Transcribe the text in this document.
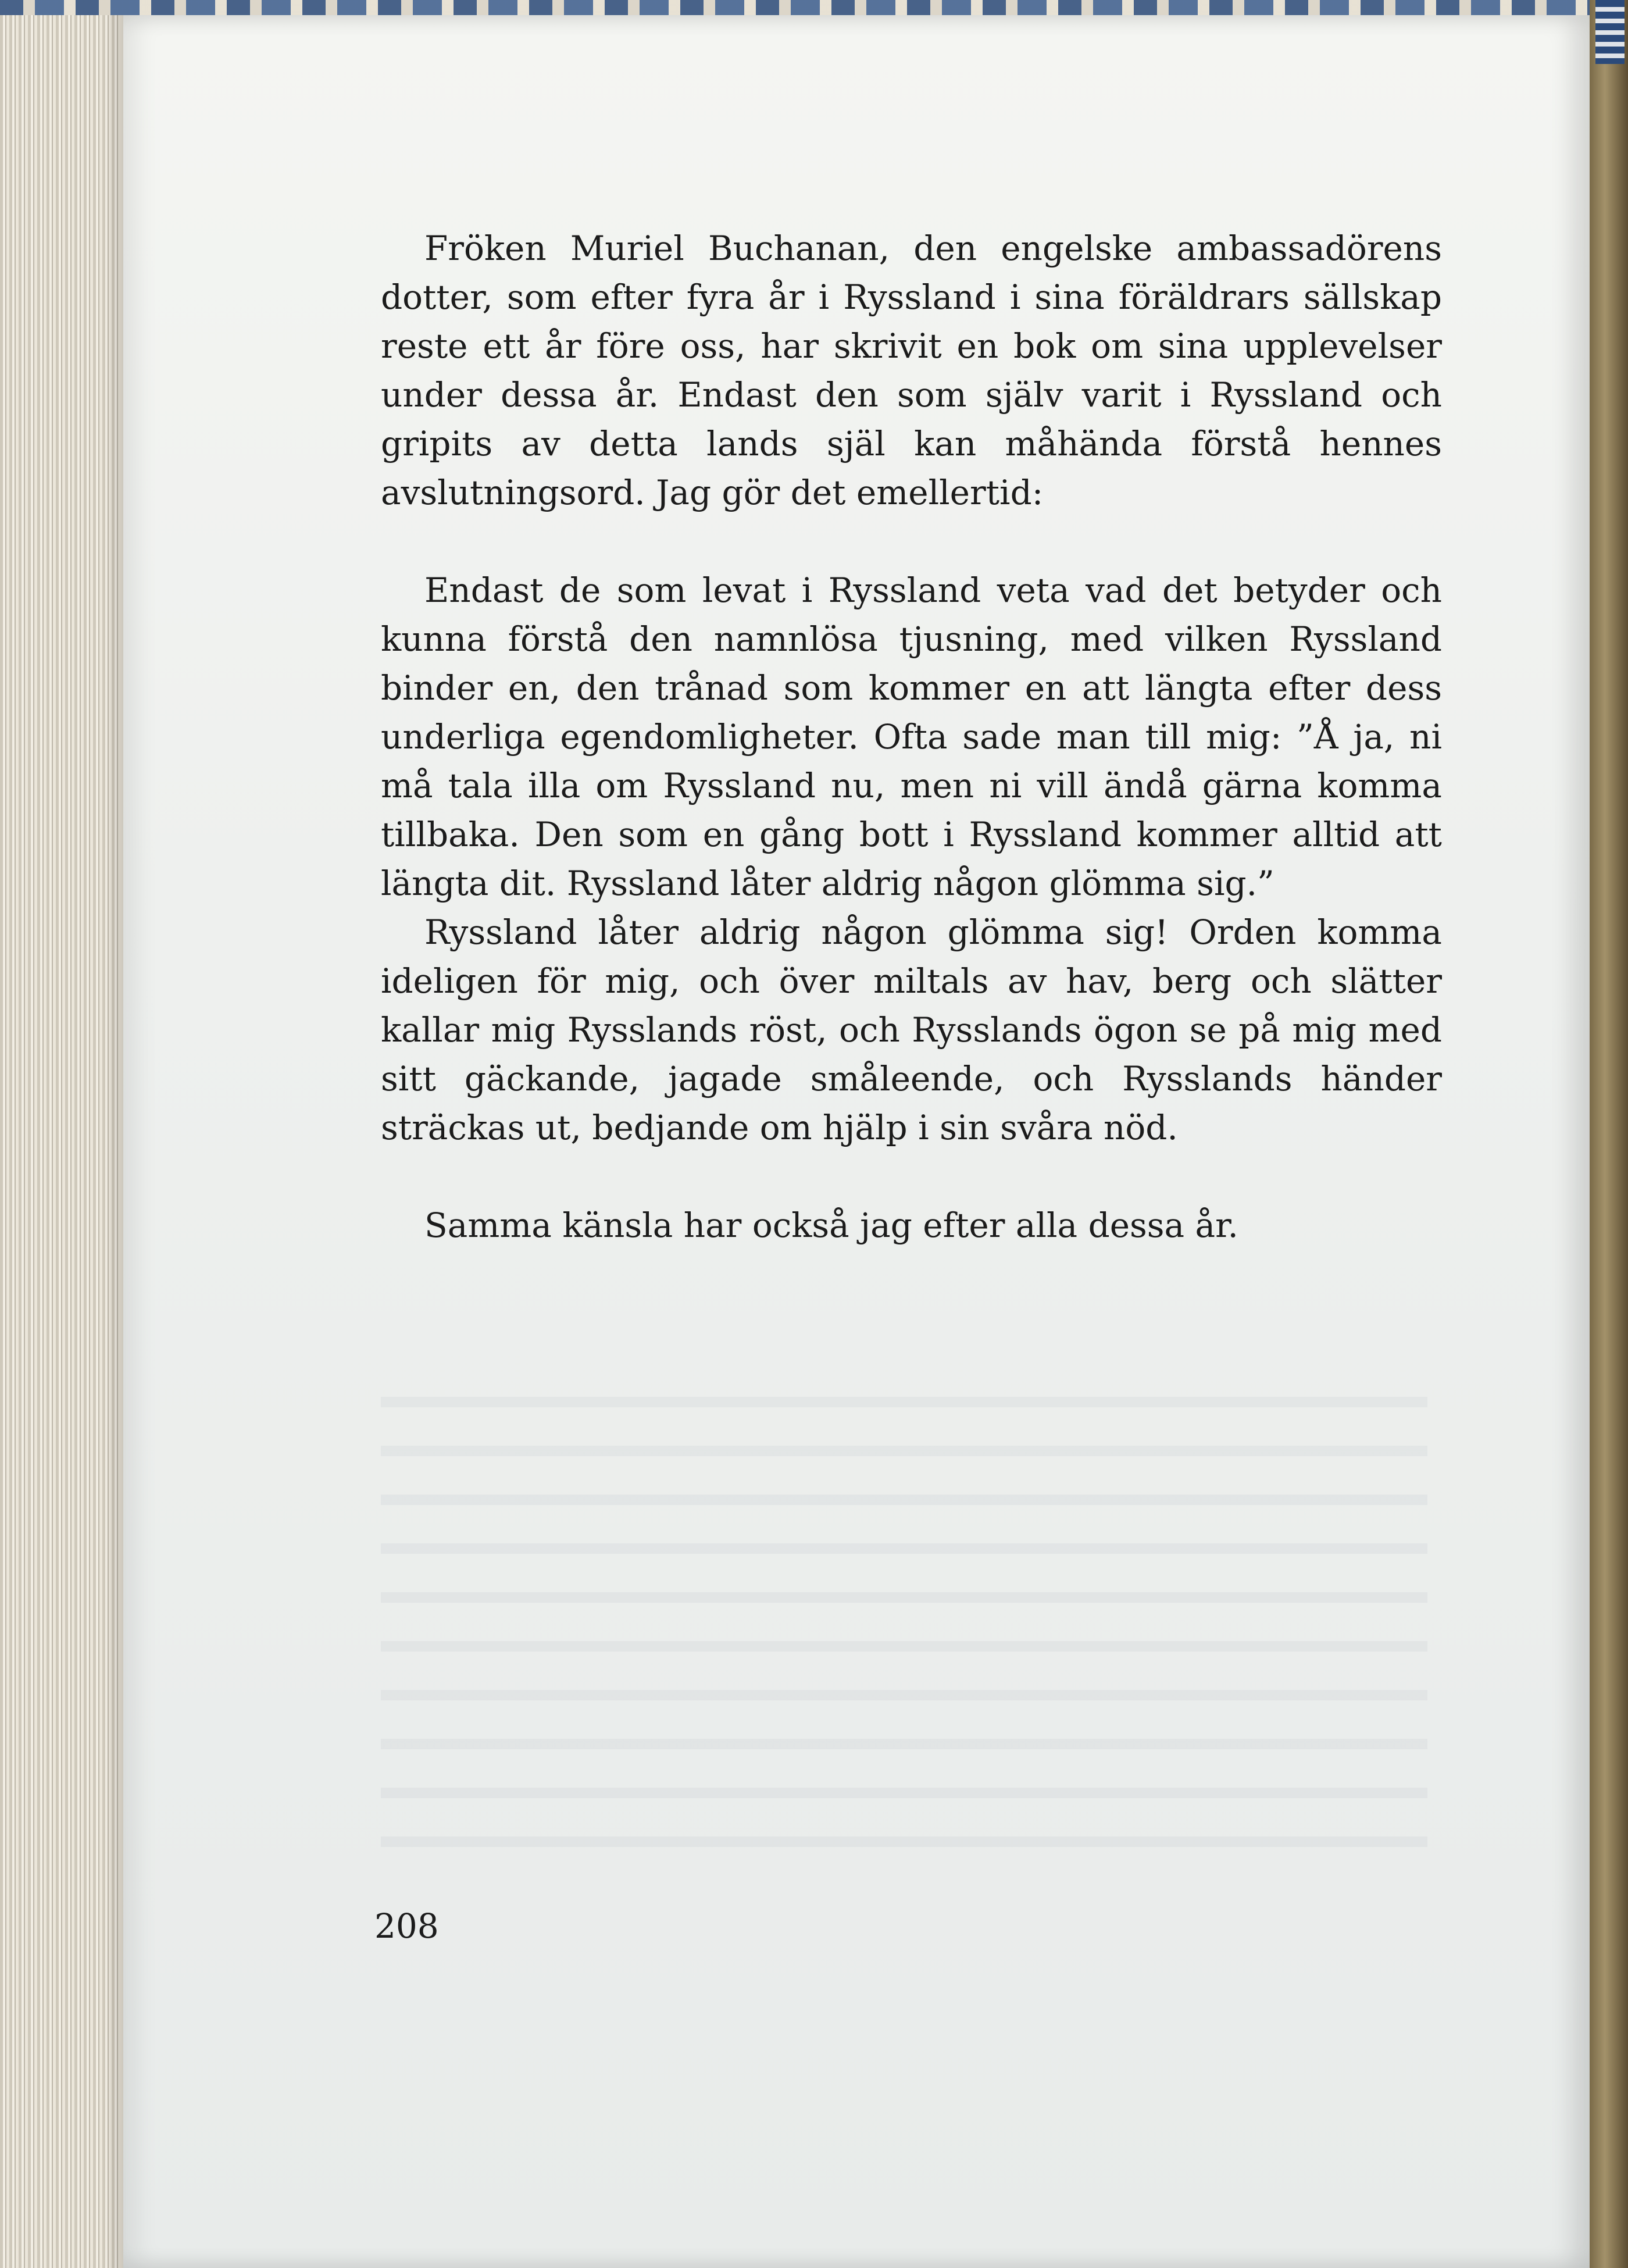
Fröken Muriel Buchanan, den engelske ambassadörens dotter, som efter fyra år i Ryssland i sina föräldrars sällskap reste ett år före oss, har skrivit en bok om sina upplevelser under dessa år. Endast den som själv varit i Ryssland och gripits av detta lands själ kan måhända förstå hennes avslutningsord. Jag gör det emellertid:

Endast de som levat i Ryssland veta vad det betyder och kunna förstå den namnlösa tjusning, med vilken Ryssland binder en, den trånad som kommer en att längta efter dess underliga egendomligheter. Ofta sade man till mig: ”Å ja, ni må tala illa om Ryssland nu, men ni vill ändå gärna komma tillbaka. Den som en gång bott i Ryssland kommer alltid att längta dit. Ryssland låter aldrig någon glömma sig.”

Ryssland låter aldrig någon glömma sig! Orden komma ideligen för mig, och över miltals av hav, berg och slätter kallar mig Rysslands röst, och Rysslands ögon se på mig med sitt gäckande, jagade småleende, och Rysslands händer sträckas ut, bedjande om hjälp i sin svåra nöd.

Samma känsla har också jag efter alla dessa år.

208
